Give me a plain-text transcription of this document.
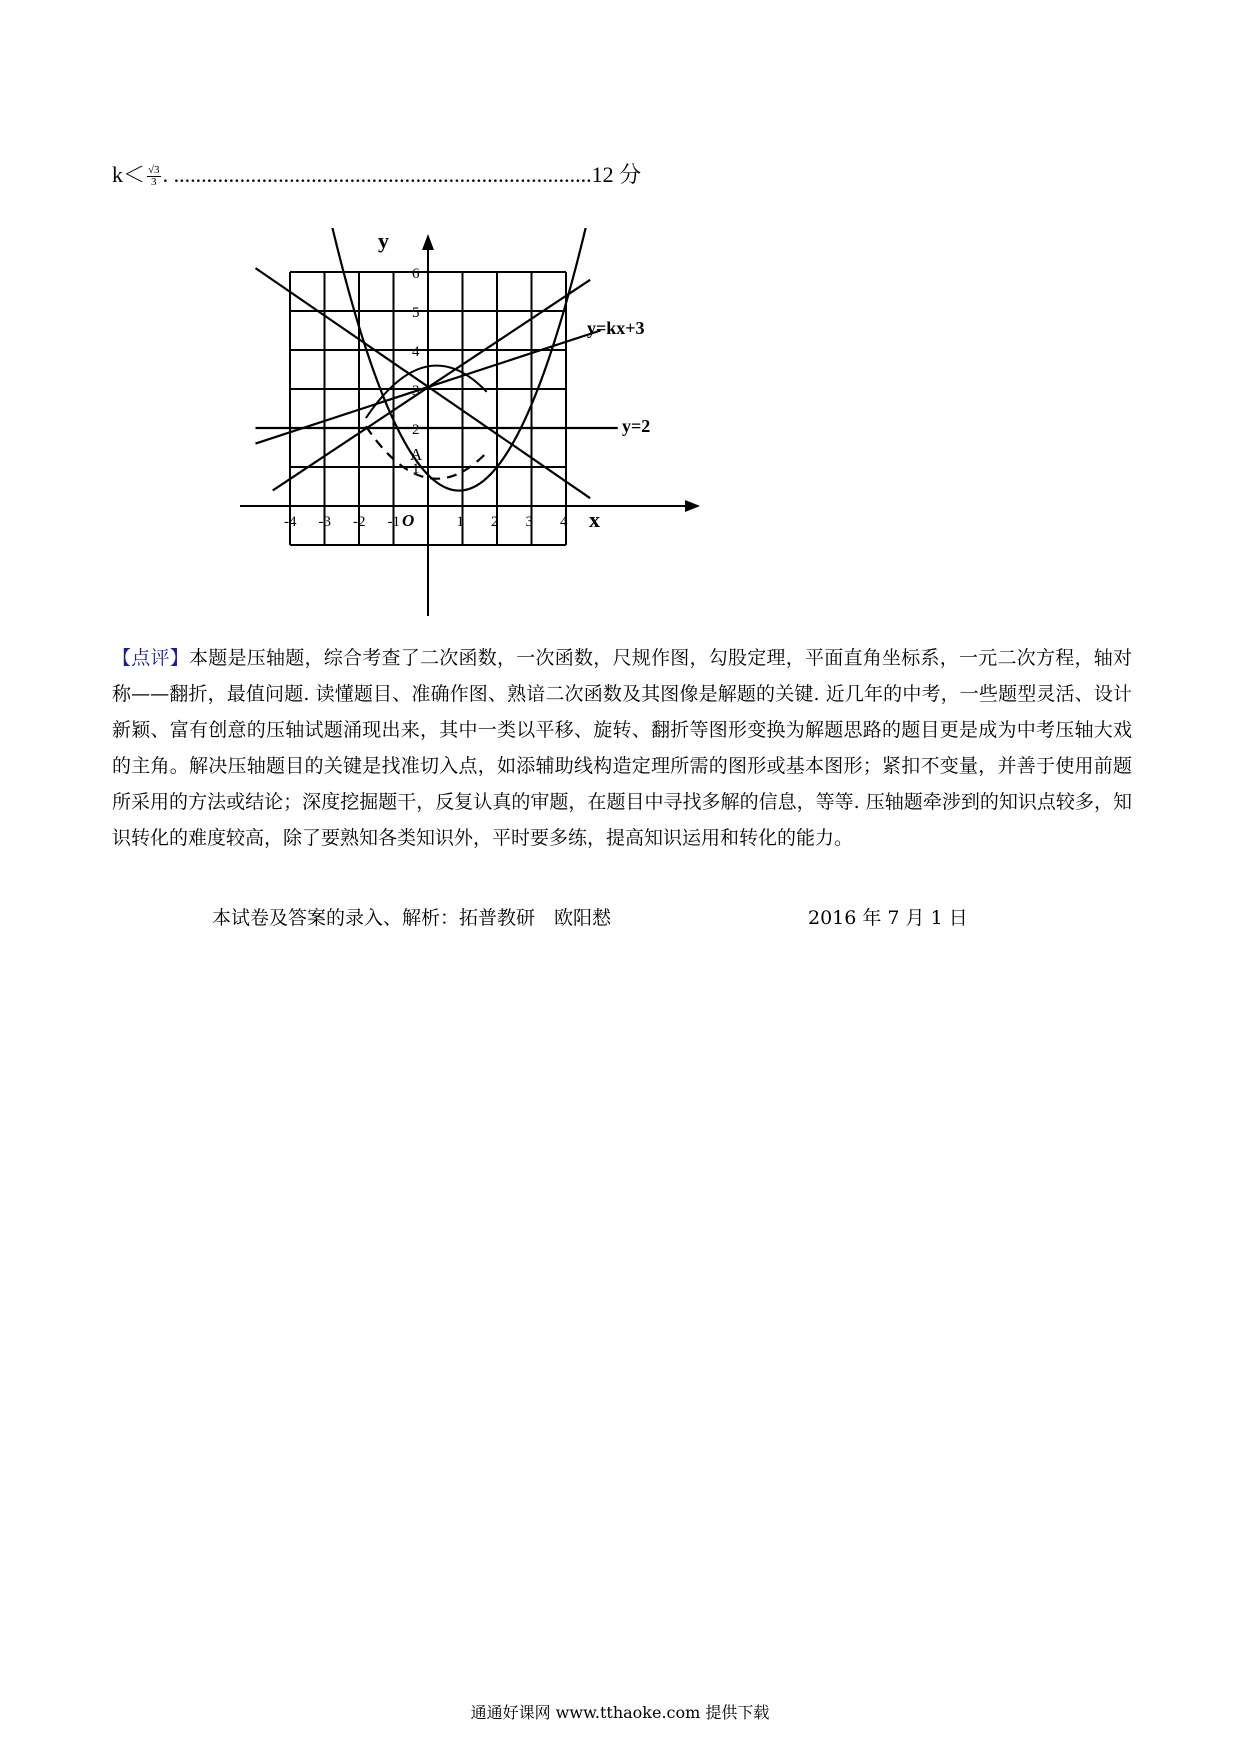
$k< \frac{√3}{3}$ . ............................................................................12 分
-4 -3 -2 -1	1 2 3 4
1
2
3
4
5
6
O	x
y
A
y=kx+3
y=2
【点评】本题是压轴题，综合考查了二次函数，一次函数，尺规作图，勾股定理，平面直角坐标系，一元二次方程，轴对称——翻折，最值问题. 读懂题目、准确作图、熟谙二次函数及其图像是解题的关键. 近几年的中考，一些题型灵活、设计新颖、富有创意的压轴试题涌现出来，其中一类以平移、旋转、翻折等图形变换为解题思路的题目更是成为中考压轴大戏的主角。解决压轴题目的关键是找准切入点，如添辅助线构造定理所需的图形或基本图形；紧扣不变量，并善于使用前题所采用的方法或结论；深度挖掘题干，反复认真的审题，在题目中寻找多解的信息，等等. 压轴题牵涉到的知识点较多，知识转化的难度较高，除了要熟知各类知识外，平时要多练，提高知识运用和转化的能力。
本试卷及答案的录入、解析：拓普教研　欧阳慭	2016 年 7 月 1 日
通通好课网 www.tthaoke.com 提供下载
